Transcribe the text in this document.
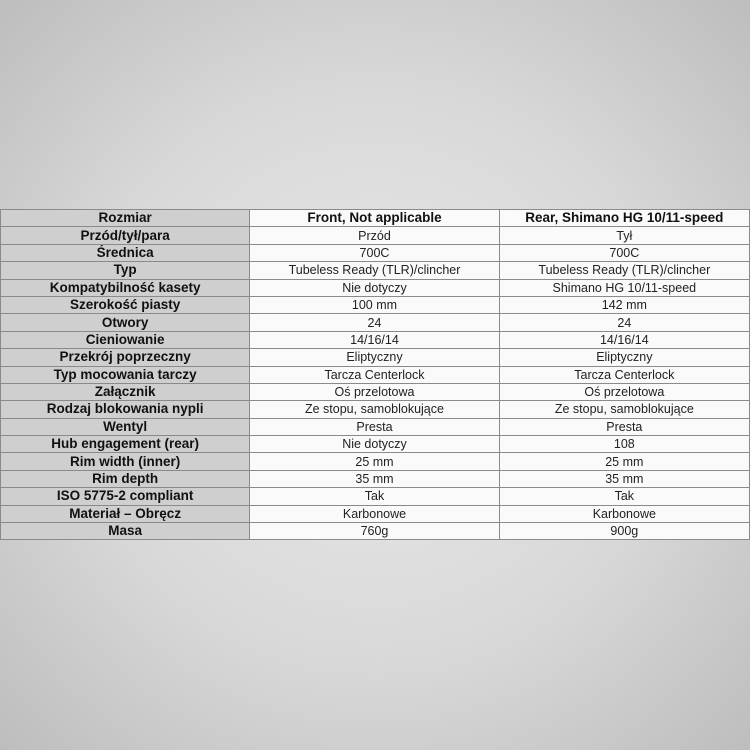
Rozmiar	Front, Not applicable	Rear, Shimano HG 10/11-speed
Przód/tył/para	Przód	Tył
Średnica	700C	700C
Typ	Tubeless Ready (TLR)/clincher	Tubeless Ready (TLR)/clincher
Kompatybilność kasety	Nie dotyczy	Shimano HG 10/11-speed
Szerokość piasty	100 mm	142 mm
Otwory	24	24
Cieniowanie	14/16/14	14/16/14
Przekrój poprzeczny	Eliptyczny	Eliptyczny
Typ mocowania tarczy	Tarcza Centerlock	Tarcza Centerlock
Załącznik	Oś przelotowa	Oś przelotowa
Rodzaj blokowania nypli	Ze stopu, samoblokujące	Ze stopu, samoblokujące
Wentyl	Presta	Presta
Hub engagement (rear)	Nie dotyczy	108
Rim width (inner)	25 mm	25 mm
Rim depth	35 mm	35 mm
ISO 5775-2 compliant	Tak	Tak
Materiał – Obręcz	Karbonowe	Karbonowe
Masa	760g	900g
